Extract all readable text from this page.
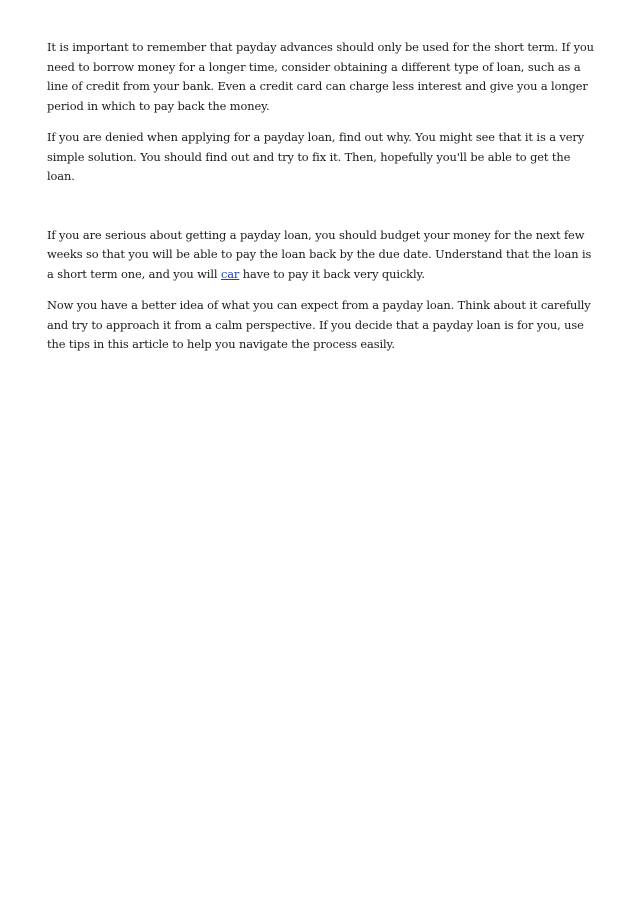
It is important to remember that payday advances should only be used for the short term. If you need to borrow money for a longer time, consider obtaining a different type of loan, such as a line of credit from your bank. Even a credit card can charge less interest and give you a longer period in which to pay back the money.

If you are denied when applying for a payday loan, find out why. You might see that it is a very simple solution. You should find out and try to fix it. Then, hopefully you'll be able to get the loan.

If you are serious about getting a payday loan, you should budget your money for the next few weeks so that you will be able to pay the loan back by the due date. Understand that the loan is a short term one, and you will car have to pay it back very quickly.

Now you have a better idea of what you can expect from a payday loan. Think about it carefully and try to approach it from a calm perspective. If you decide that a payday loan is for you, use the tips in this article to help you navigate the process easily.
